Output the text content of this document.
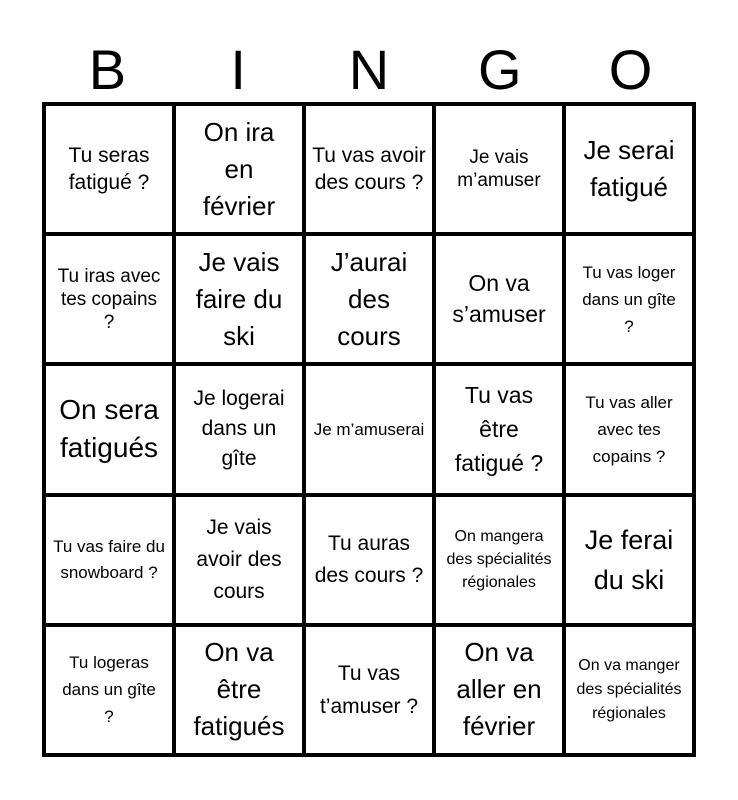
B	I	N	G	O
Tu seras fatigué ?
On ira en février
Tu vas avoir des cours ?
Je vais m’amuser
Je serai fatigué
Tu iras avec tes copains ?
Je vais faire du ski
J’aurai des cours
On va s’amuser
Tu vas loger dans un gîte ?
On sera fatigués
Je logerai dans un gîte
Je m’amuserai
Tu vas être fatigué ?
Tu vas aller avec tes copains ?
Tu vas faire du snowboard ?
Je vais avoir des cours
Tu auras des cours ?
On mangera des spécialités régionales
Je ferai du ski
Tu logeras dans un gîte ?
On va être fatigués
Tu vas t’amuser ?
On va aller en février
On va manger des spécialités régionales
